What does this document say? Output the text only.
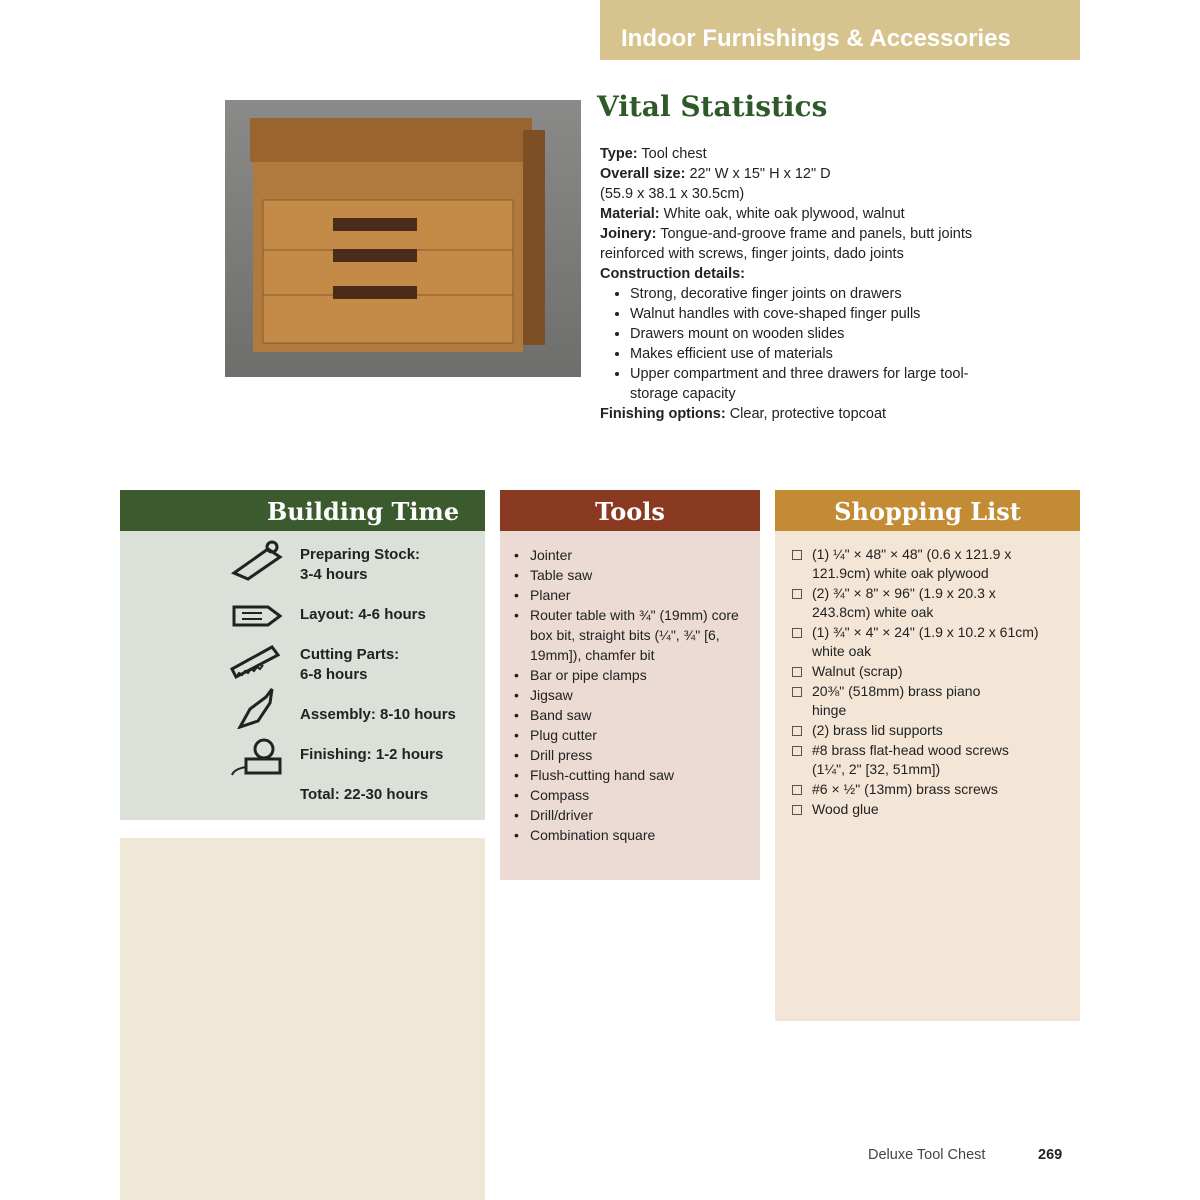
Indoor Furnishings & Accessories
Vital Statistics
Type: Tool chest
Overall size: 22" W x 15" H x 12" D
(55.9 x 38.1 x 30.5cm)
Material: White oak, white oak plywood, walnut
Joinery: Tongue-and-groove frame and panels, butt joints reinforced with screws, finger joints, dado joints
Construction details:
• Strong, decorative finger joints on drawers
• Walnut handles with cove-shaped finger pulls
• Drawers mount on wooden slides
• Makes efficient use of materials
• Upper compartment and three drawers for large tool-storage capacity
Finishing options: Clear, protective topcoat
Building Time
Preparing Stock:
3-4 hours
Layout: 4-6 hours
Cutting Parts:
6-8 hours
Assembly: 8-10 hours
Finishing: 1-2 hours
Total: 22-30 hours
Tools
• Jointer
• Table saw
• Planer
• Router table with ¾" (19mm) core box bit, straight bits (¼", ¾" [6, 19mm]), chamfer bit
• Bar or pipe clamps
• Jigsaw
• Band saw
• Plug cutter
• Drill press
• Flush-cutting hand saw
• Compass
• Drill/driver
• Combination square
Shopping List
(1) ¼" × 48" × 48" (0.6 x 121.9 x 121.9cm) white oak plywood
(2) ¾" × 8" × 96" (1.9 x 20.3 x 243.8cm) white oak
(1) ¾" × 4" × 24" (1.9 x 10.2 x 61cm) white oak
Walnut (scrap)
20⅜" (518mm) brass piano hinge
(2) brass lid supports
#8 brass flat-head wood screws (1¼", 2" [32, 51mm])
#6 × ½" (13mm) brass screws
Wood glue
Deluxe Tool Chest	269
